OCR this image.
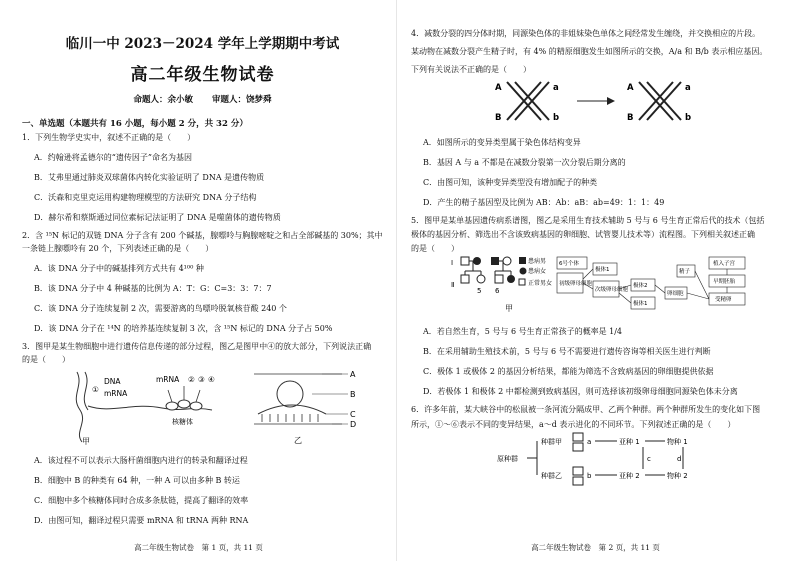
临川一中 2023－2024 学年上学期期中考试
高二年级生物试卷
命题人：余小敏 审题人：饶梦舜
一、单选题（本题共有 16 小题，每小题 2 分，共 32 分）
1．下列生物学史实中，叙述不正确的是（　　）
A．约翰逊将孟德尔的“遗传因子”命名为基因
B．艾弗里通过肺炎双球菌体内转化实验证明了 DNA 是遗传物质
C．沃森和克里克运用构建物理模型的方法研究 DNA 分子结构
D．赫尔希和蔡斯通过同位素标记法证明了 DNA 是噬菌体的遗传物质
2．含 ¹⁵N 标记的双链 DNA 分子含有 200 个碱基，腺嘌呤与胸腺嘧啶之和占全部碱基的 30%；其中
一条链上腺嘌呤有 20 个，下列表述正确的是（　　）
A．该 DNA 分子中的碱基排列方式共有 4¹⁰⁰ 种
B．该 DNA 分子中 4 种碱基的比例为 A：T：G：C=3：3：7：7
C．该 DNA 分子连续复制 2 次，需要游离的鸟嘌呤脱氧核苷酸 240 个
D．该 DNA 分子在 ¹⁴N 的培养基连续复制 3 次，含 ¹⁵N 标记的 DNA 分子占 50%
3．图甲是某生物细胞中进行遗传信息传递的部分过程，图乙是图甲中④的放大部分，下列说法正确
的是（　　）
DNA
mRNA
mRNA
①
② ③ ④
核糖体
甲
A
B
C
D
乙
A．该过程不可以表示大肠杆菌细胞内进行的转录和翻译过程
B．细胞中 B 的种类有 64 种，一种 A 可以由多种 B 转运
C．细胞中多个核糖体同时合成多条肽链，提高了翻译的效率
D．由图可知，翻译过程只需要 mRNA 和 tRNA 两种 RNA
高二年级生物试卷　第 1 页，共 11 页
4．减数分裂的四分体时期，同源染色体的非姐妹染色单体之间经常发生缠绕，并交换相应的片段。
某动物在减数分裂产生精子时，有 4% 的精原细胞发生如图所示的交换，A/a 和 B/b 表示相应基因。
下列有关说法不正确的是（　　）
A	a
B	b
A	a
B	b
A．如图所示的变异类型属于染色体结构变异
B．基因 A 与 a 不都是在减数分裂第一次分裂后期分离的
C．由图可知，该种变异类型没有增加配子的种类
D．产生的精子基因型及比例为 AB：Ab：aB：ab=49：1：1：49
5．图甲是某单基因遗传病系谱图，图乙是采用生育技术辅助 5 号与 6 号生育正常后代的技术（包括
极体的基因分析、筛选出不含该致病基因的卵细胞、试管婴儿技术等）流程图。下列相关叙述正确
的是（　　）
Ⅰ
Ⅱ
5 6
患病男
患病女
正常男女
甲
6号个体
初级卵母细胞
次级卵母细胞
极体1
极体2
极体1
卵细胞
精子
植入子宫
早期胚胎
受精卵
A．若自然生育，5 号与 6 号生育正常孩子的概率是 1/4
B．在采用辅助生殖技术前，5 号与 6 号不需要进行遗传咨询等相关医生进行判断
C．极体 1 或极体 2 的基因分析结果，都能为筛选不含致病基因的卵细胞提供依据
D．若极体 1 和极体 2 中都检测到致病基因，则可选择该初级卵母细胞同源染色体未分离
6．许多年前，某大峡谷中的松鼠被一条河流分隔成甲、乙两个种群。两个种群所发生的变化如下图
所示，①～⑥表示不同的变异结果，a～d 表示进化的不同环节。下列叙述正确的是（　　）
原种群
种群甲
种群乙
a
b
亚种 1
亚种 2
c
物种 1
物种 2
d
高二年级生物试卷　第 2 页，共 11 页
